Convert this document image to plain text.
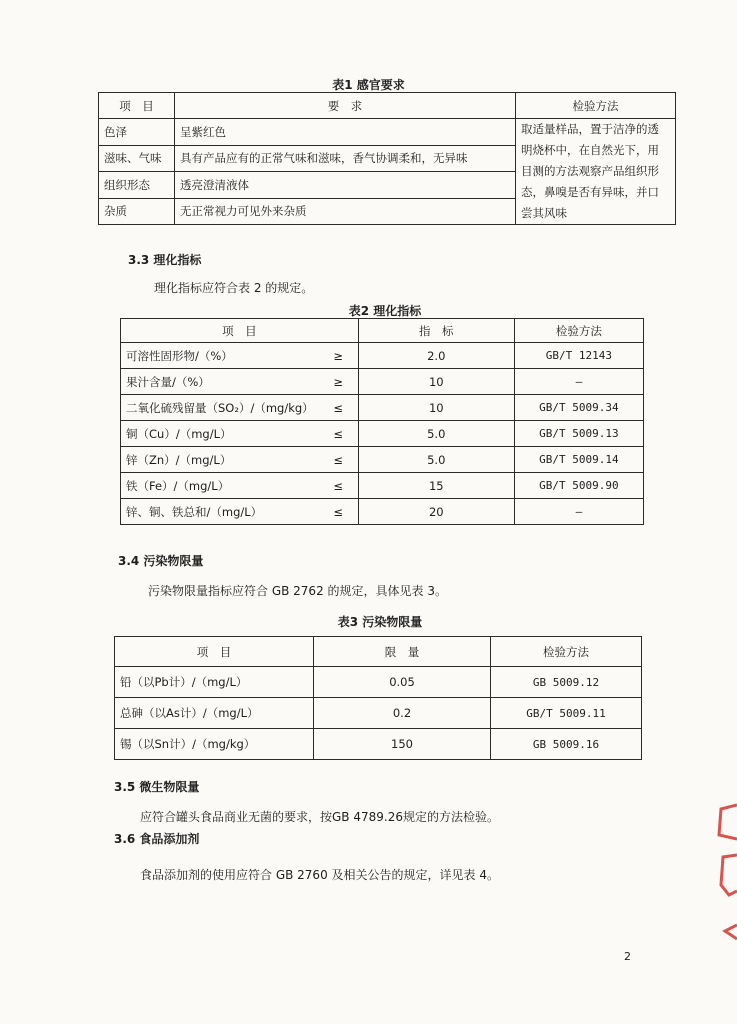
表1 感官要求
项　目	要　求	检验方法
色泽	呈紫红色	取适量样品，置于洁净的透明烧杯中，在自然光下，用目测的方法观察产品组织形态，鼻嗅是否有异味，并口尝其风味
滋味、气味	具有产品应有的正常气味和滋味，香气协调柔和，无异味	
组织形态	透亮澄清液体	
杂质	无正常视力可见外来杂质	
3.3 理化指标
理化指标应符合表 2 的规定。
表2 理化指标
项　目		指　标	检验方法
可溶性固形物/（%）	≥	2.0	GB/T 12143
果汁含量/（%）	≥	10	—
二氧化硫残留量（SO₂）/（mg/kg）	≤	10	GB/T 5009.34
铜（Cu）/（mg/L）	≤	5.0	GB/T 5009.13
锌（Zn）/（mg/L）	≤	5.0	GB/T 5009.14
铁（Fe）/（mg/L）	≤	15	GB/T 5009.90
锌、铜、铁总和/（mg/L）	≤	20	—
3.4 污染物限量
污染物限量指标应符合 GB 2762 的规定，具体见表 3。
表3 污染物限量
项　目	限　量	检验方法
铅（以Pb计）/（mg/L）	0.05	GB 5009.12
总砷（以As计）/（mg/L）	0.2	GB/T 5009.11
锡（以Sn计）/（mg/kg）	150	GB 5009.16
3.5 微生物限量
应符合罐头食品商业无菌的要求，按GB 4789.26规定的方法检验。
3.6 食品添加剂
食品添加剂的使用应符合 GB 2760 及相关公告的规定，详见表 4。
2
